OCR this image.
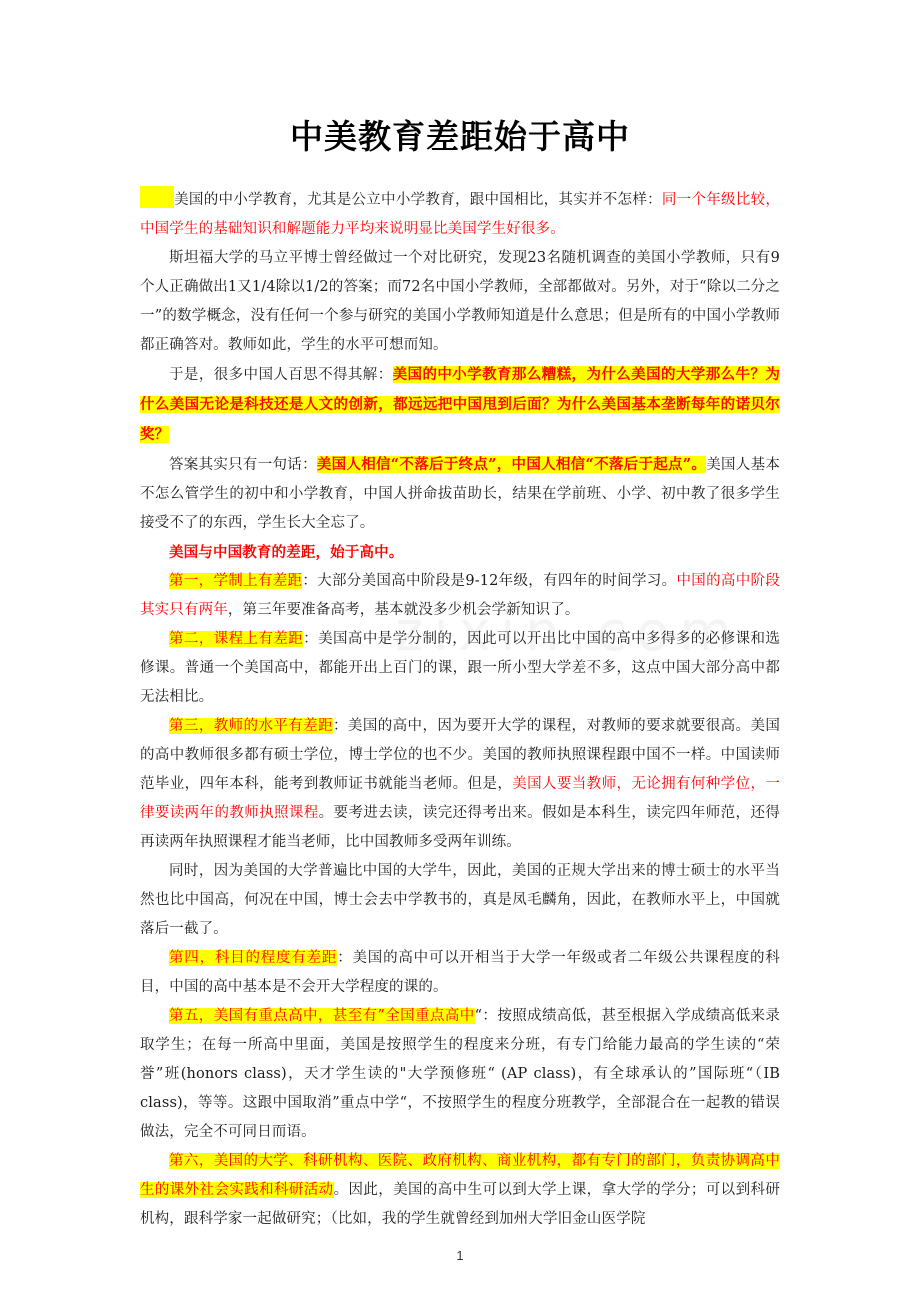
中美教育差距始于高中

美国的中小学教育，尤其是公立中小学教育，跟中国相比，其实并不怎样：同一个年级比较，中国学生的基础知识和解题能力平均来说明显比美国学生好很多。

斯坦福大学的马立平博士曾经做过一个对比研究，发现23名随机调查的美国小学教师，只有9个人正确做出1又1/4除以1/2的答案；而72名中国小学教师，全部都做对。另外，对于“除以二分之一”的数学概念，没有任何一个参与研究的美国小学教师知道是什么意思；但是所有的中国小学教师都正确答对。教师如此，学生的水平可想而知。

于是，很多中国人百思不得其解：美国的中小学教育那么糟糕，为什么美国的大学那么牛？为什么美国无论是科技还是人文的创新，都远远把中国甩到后面？为什么美国基本垄断每年的诺贝尔奖？

答案其实只有一句话：美国人相信“不落后于终点”，中国人相信“不落后于起点”。美国人基本不怎么管学生的初中和小学教育，中国人拼命拔苗助长，结果在学前班、小学、初中教了很多学生接受不了的东西，学生长大全忘了。

美国与中国教育的差距，始于高中。

第一，学制上有差距：大部分美国高中阶段是9-12年级，有四年的时间学习。中国的高中阶段其实只有两年，第三年要准备高考，基本就没多少机会学新知识了。

第二，课程上有差距：美国高中是学分制的，因此可以开出比中国的高中多得多的必修课和选修课。普通一个美国高中，都能开出上百门的课，跟一所小型大学差不多，这点中国大部分高中都无法相比。

第三，教师的水平有差距：美国的高中，因为要开大学的课程，对教师的要求就要很高。美国的高中教师很多都有硕士学位，博士学位的也不少。美国的教师执照课程跟中国不一样。中国读师范毕业，四年本科，能考到教师证书就能当老师。但是，美国人要当教师，无论拥有何种学位，一律要读两年的教师执照课程。要考进去读，读完还得考出来。假如是本科生，读完四年师范，还得再读两年执照课程才能当老师，比中国教师多受两年训练。

同时，因为美国的大学普遍比中国的大学牛，因此，美国的正规大学出来的博士硕士的水平当然也比中国高，何况在中国，博士会去中学教书的，真是凤毛麟角，因此，在教师水平上，中国就落后一截了。

第四，科目的程度有差距：美国的高中可以开相当于大学一年级或者二年级公共课程度的科目，中国的高中基本是不会开大学程度的课的。

第五，美国有重点高中，甚至有”全国重点高中“：按照成绩高低，甚至根据入学成绩高低来录取学生；在每一所高中里面，美国是按照学生的程度来分班，有专门给能力最高的学生读的“荣誉”班(honors class)，天才学生读的"大学预修班“ (AP class)，有全球承认的”国际班“（IB class)，等等。这跟中国取消”重点中学“，不按照学生的程度分班教学，全部混合在一起教的错误做法，完全不可同日而语。

第六，美国的大学、科研机构、医院、政府机构、商业机构，都有专门的部门，负责协调高中生的课外社会实践和科研活动。因此，美国的高中生可以到大学上课，拿大学的学分；可以到科研机构，跟科学家一起做研究；（比如，我的学生就曾经到加州大学旧金山医学院

1
